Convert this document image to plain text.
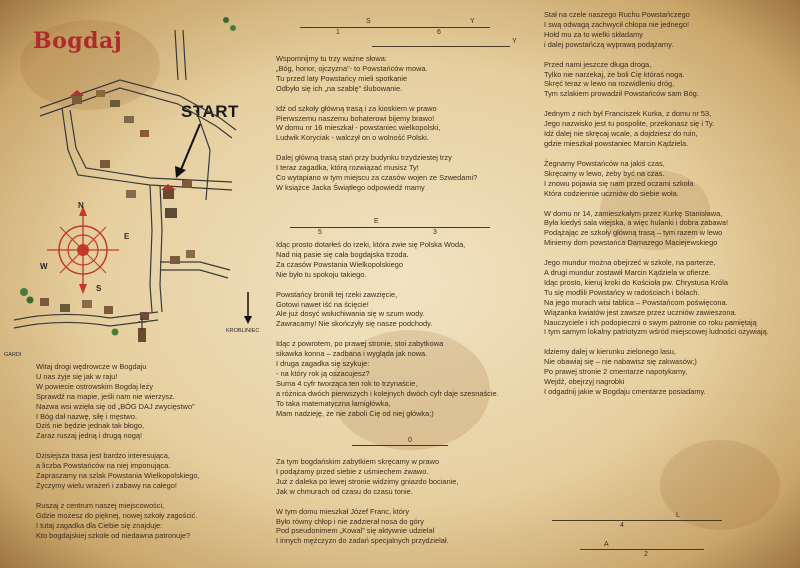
Bogdaj
START
N
E
S
W
KROBLINIEC
GARDI

Witaj drogi wędrowcze w Bogdaju

U nas żyje się jak w raju!

W powiecie ostrowskim Bogdaj leży

Sprawdź na mapie, jeśli nam nie wierzysz.

Nazwa wsi wzięła się od „BÓG DAJ zwycięstwo”

I Bóg dał nazwę, siłę i męstwo.

Dziś nie będzie jednak tak błogo,

Zaraz ruszaj jedną i drugą nogą!

Dzisiejsza trasa jest bardzo interesująca,

a liczba Powstańców na niej imponująca.

Zapraszamy na szlak Powstania Wielkopolskiego,

Życzymy wielu wrażeń i zabawy na całego!

Ruszaj z centrum naszej miejscowości,

Gdzie możesz do pięknej, nowej szkoły zagościć.

I tutaj zagadka dla Ciebie się znajduje:

Kto bogdajskiej szkole od niedawna patronuje?

S	Y
1	6
Y

Wspomnijmy tu trzy ważne słowa:

„Bóg, honor, ojczyzna”- to Powstańców mowa.

Tu przed laty Powstańcy mieli spotkanie

Odbyło się ich „na szablę” ślubowanie.

Idź od szkoły główną trasą i za kioskiem w prawo

Pierwszemu naszemu bohaterowi bijemy brawo!

W domu nr 16 mieszkał - powstaniec wielkopolski,

Ludwik Koryciak - walczył on o wolność Polski.

Dalej główną trasą stań przy budynku trzydziestej trzy

I teraz zagadka, którą rozwiązać musisz Ty!

Co wytapiano w tym miejscu za czasów wojen ze Szwedami?

W książce Jacka Świątłego odpowiedź mamy

E
5	3

Idąc prosto dotarłeś do rzeki, która zwie się Polska Woda,

Nad nią pasie się cała bogdajska trzoda.

Za czasów Powstania Wielkopolskiego

Nie było tu spokoju takiego.

Powstańcy bronili tej rzeki zawzięcie,

Gotowi nawet iść na ścięcie!

Ale już dosyć wsłuchiwania się w szum wody.

Zawracamy! Nie skończyły się nasze podchody.

Idąc z powrotem, po prawej stronie, stoi zabytkowa

sikawka konna – zadbana i wygląda jak nowa.

I druga zagadka się szykuje:

- na który rok ją oszacujesz?

Suma 4 cyfr tworząca ten rok to trzynaście,

a różnica dwóch pierwszych i kolejnych dwóch cyfr daje szesnaście.

To taka matematyczna łamigłówka,

Mam nadzieję, że nie zaboli Cię od niej główka;)

0

Za tym bogdańskim zabytkiem skręcamy w prawo

I podążamy przed siebie z uśmiechem żwawo.

Już z daleka po lewej stronie widzimy gniazdo bocianie,

Jak w chmurach od czasu do czasu tonie.

W tym domu mieszkał Józef Franc, który

Było równy chłop i nie zadzierał nosa do góry

Pod pseudonimem „Kowal” się aktywnie udzielał

I innych mężczyzn do zadań specjalnych przydzielał.

Stał na czele naszego Ruchu Powstańczego

I swą odwagą zachwycił chłopa nie jednego!

Hołd mu za to wielki składamy

i dalej powstańczą wyprawą podążamy.

Przed nami jeszcze długa droga,

Tylko nie narzekaj, że boli Cię któraś noga.

Skręć teraz w lewo na rozwidleniu dróg,

Tym szlakiem prowadził Powstańców sam Bóg.

Jednym z nich był Franciszek Kurka, z domu nr 53,

Jego nazwisko jest tu pospolite, przekonasz się i Ty.

Idź dalej nie skręcaj wcale, a dojdziesz do ruin,

gdzie mieszkał powstaniec Marcin Kądziela.

Żegnamy Powstańców na jakiś czas,

Skręcamy w lewo, żeby być na czas.

I znowu pojawia się nam przed oczami szkoła

Która codziennie uczniów do siebie woła.

W domu nr 14, zamieszkałym przez Kurkę Stanisława,

Była kiedyś sala wiejska, a więc hulanki i dobra zabawa!

Podążając ze szkoły główną trasą – tym razem w lewo

Miniemy dom powstańca Damazego Maciejewskiego

Jego mundur można obejrzeć w szkole, na parterze,

A drugi mundur zostawił Marcin Kądziela w ofierze.

Idąc prosto, kieruj kroki do Kościoła pw. Chrystusa Króla

Tu się modlili Powstańcy w radościach i bólach.

Na jego murach wisi tablica – Powstańcom poświęcona.

Wiązanka kwiatów jest zawsze przez uczniów zawieszona.

Nauczyciele i ich podopieczni o swym patronie co roku pamiętają

I tym samym lokalny patriotyzm wśród miejscowej ludności ożywiają.

Idziemy dalej w kierunku zielonego lasu,

Nie obawiaj się – nie nabawisz się zakwasów;)

Po prawej stronie 2 cmentarze napotykamy,

Wejdź, obejrzyj nagrobki

I odgadnij jakie w Bogdaju cmentarze posiadamy.

L
4
A
2
